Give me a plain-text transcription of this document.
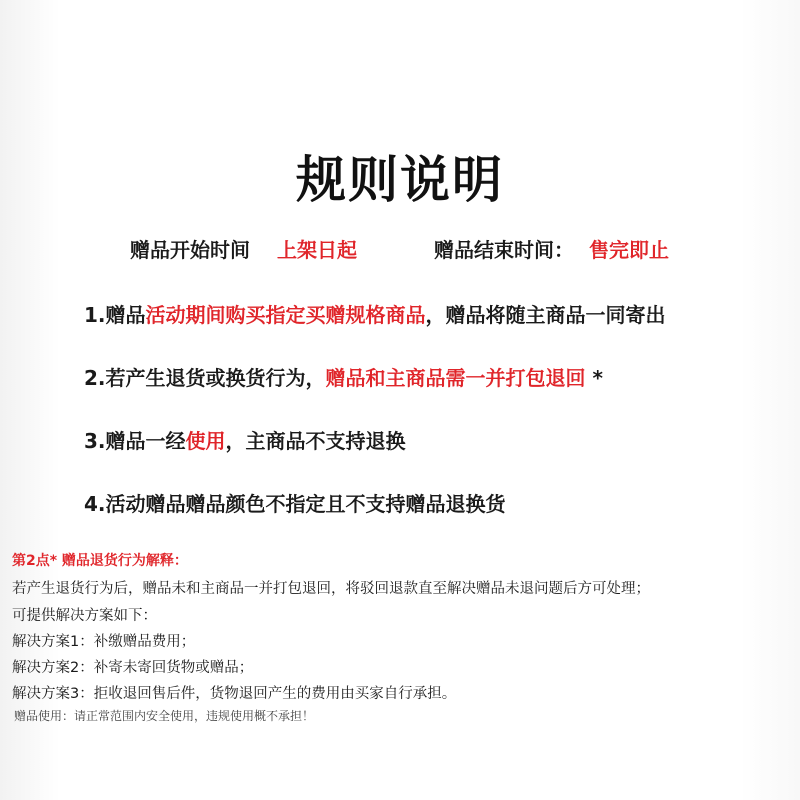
规则说明
赠品开始时间 上架日起	赠品结束时间： 售完即止
1.赠品活动期间购买指定买赠规格商品，赠品将随主商品一同寄出
2.若产生退货或换货行为，赠品和主商品需一并打包退回 *
3.赠品一经使用，主商品不支持退换
4.活动赠品赠品颜色不指定且不支持赠品退换货
第2点* 赠品退货行为解释：
若产生退货行为后，赠品未和主商品一并打包退回，将驳回退款直至解决赠品未退问题后方可处理；
可提供解决方案如下：
解决方案1：补缴赠品费用；
解决方案2：补寄未寄回货物或赠品；
解决方案3：拒收退回售后件，货物退回产生的费用由买家自行承担。
赠品使用：请正常范围内安全使用，违规使用概不承担！
